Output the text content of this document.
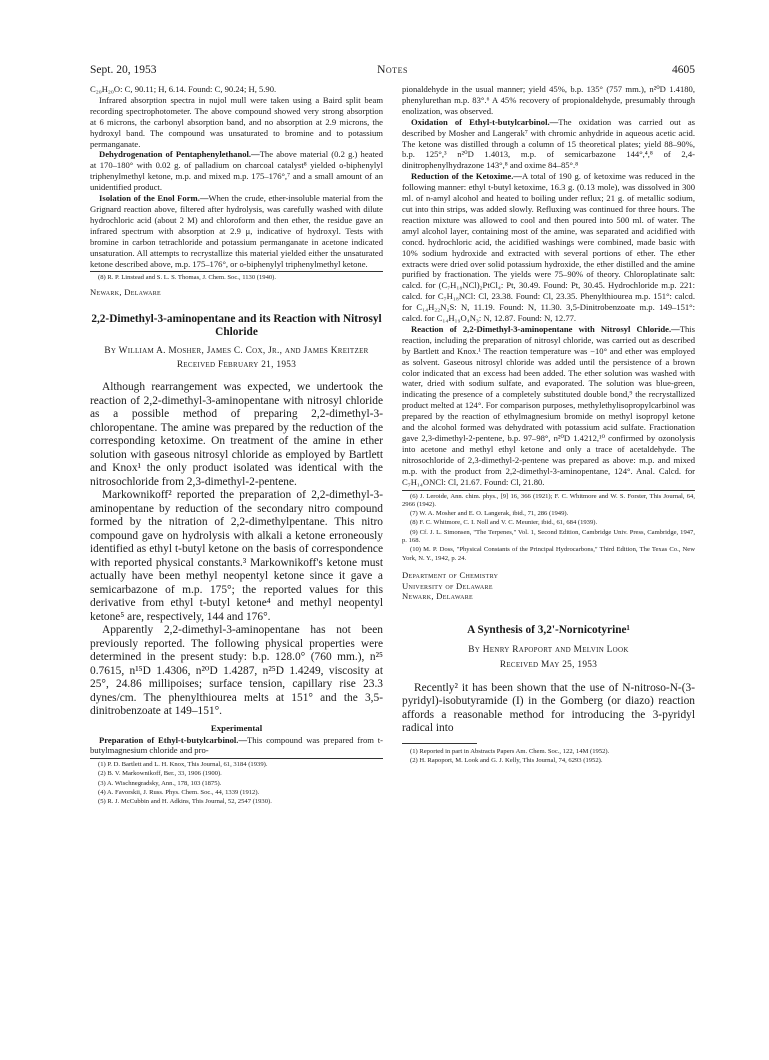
Sept. 20, 1953	Notes	4605

C₂₀H₂₀O: C, 90.11; H, 6.14. Found: C, 90.24; H, 5.90.

Infrared absorption spectra in nujol mull were taken using a Baird split beam recording spectrophotometer. The above compound showed very strong absorption at 6 microns, the carbonyl absorption band, and no absorption at 2.9 microns, the hydroxyl band. The compound was unsaturated to bromine and to potassium permanganate.

Dehydrogenation of Pentaphenylethanol.—The above material (0.2 g.) heated at 170–180° with 0.02 g. of palladium on charcoal catalyst⁸ yielded o-biphenylyl triphenylmethyl ketone, m.p. and mixed m.p. 175–176°,⁷ and a small amount of an unidentified product.

Isolation of the Enol Form.—When the crude, ether-insoluble material from the Grignard reaction above, filtered after hydrolysis, was carefully washed with dilute hydrochloric acid (about 2 M) and chloroform and then ether, the residue gave an infrared spectrum with absorption at 2.9 μ, indicative of hydroxyl. Tests with bromine in carbon tetrachloride and potassium permanganate in acetone indicated unsaturation. All attempts to recrystallize this material yielded either the unsaturated ketone described above, m.p. 175–176°, or o-biphenylyl triphenylmethyl ketone.

(8) R. P. Linstead and S. L. S. Thomas, J. Chem. Soc., 1130 (1940).

Newark, Delaware

2,2-Dimethyl-3-aminopentane and its Reaction with Nitrosyl Chloride

By William A. Mosher, James C. Cox, Jr., and James Kreitzer

Received February 21, 1953

Although rearrangement was expected, we undertook the reaction of 2,2-dimethyl-3-aminopentane with nitrosyl chloride as a possible method of preparing 2,2-dimethyl-3-chloropentane. The amine was prepared by the reduction of the corresponding ketoxime. On treatment of the amine in ether solution with gaseous nitrosyl chloride as employed by Bartlett and Knox¹ the only product isolated was identical with the nitrosochloride from 2,3-dimethyl-2-pentene.

Markownikoff² reported the preparation of 2,2-dimethyl-3-aminopentane by reduction of the secondary nitro compound formed by the nitration of 2,2-dimethylpentane. This nitro compound gave on hydrolysis with alkali a ketone erroneously identified as ethyl t-butyl ketone on the basis of correspondence with reported physical constants.³ Markownikoff's ketone must actually have been methyl neopentyl ketone since it gave a semicarbazone of m.p. 175°; the reported values for this derivative from ethyl t-butyl ketone⁴ and methyl neopentyl ketone⁵ are, respectively, 144 and 176°.

Apparently 2,2-dimethyl-3-aminopentane has not been previously reported. The following physical properties were determined in the present study: b.p. 128.0° (760 mm.), n²⁵ 0.7615, n¹⁵D 1.4306, n²⁰D 1.4287, n²⁵D 1.4249, viscosity at 25°, 24.86 millipoises; surface tension, capillary rise 23.3 dynes/cm. The phenylthiourea melts at 151° and the 3,5-dinitrobenzoate at 149–151°.

Experimental

Preparation of Ethyl-t-butylcarbinol.—This compound was prepared from t-butylmagnesium chloride and pro-

(1) P. D. Bartlett and L. H. Knox, This Journal, 61, 3184 (1939).

(2) B. V. Markownikoff, Ber., 33, 1906 (1900).

(3) A. Wischnegradsky, Ann., 178, 103 (1875).

(4) A. Favorskii, J. Russ. Phys. Chem. Soc., 44, 1339 (1912).

(5) R. J. McCubbin and H. Adkins, This Journal, 52, 2547 (1930).

pionaldehyde in the usual manner; yield 45%, b.p. 135° (757 mm.), n²⁰D 1.4180, phenylurethan m.p. 83°.⁶ A 45% recovery of propionaldehyde, presumably through enolization, was observed.

Oxidation of Ethyl-t-butylcarbinol.—The oxidation was carried out as described by Mosher and Langerak⁷ with chromic anhydride in aqueous acetic acid. The ketone was distilled through a column of 15 theoretical plates; yield 88–90%, b.p. 125°,³ n²⁰D 1.4013, m.p. of semicarbazone 144°,⁴,⁸ of 2,4-dinitrophenylhydrazone 143°,⁸ and oxime 84–85°.⁸

Reduction of the Ketoxime.—A total of 190 g. of ketoxime was reduced in the following manner: ethyl t-butyl ketoxime, 16.3 g. (0.13 mole), was dissolved in 300 ml. of n-amyl alcohol and heated to boiling under reflux; 21 g. of metallic sodium, cut into thin strips, was added slowly. Refluxing was continued for three hours. The reaction mixture was allowed to cool and then poured into 500 ml. of water. The amyl alcohol layer, containing most of the amine, was separated and acidified with concd. hydrochloric acid, the acidified washings were combined, made basic with 10% sodium hydroxide and extracted with several portions of ether. The ether extracts were dried over solid potassium hydroxide, the ether distilled and the amine purified by fractionation. The yields were 75–90% of theory. Chloroplatinate salt: calcd. for (C₇H₁₈NCl)₂PtCl₄: Pt, 30.49. Found: Pt, 30.45. Hydrochloride m.p. 221: calcd. for C₇H₁₈NCl: Cl, 23.38. Found: Cl, 23.35. Phenylthiourea m.p. 151°: calcd. for C₁₄H₂₂N₂S: N, 11.19. Found: N, 11.30. 3,5-Dinitrobenzoate m.p. 149–151°: calcd. for C₁₄H₁₉O₄N₃: N, 12.87. Found: N, 12.77.

Reaction of 2,2-Dimethyl-3-aminopentane with Nitrosyl Chloride.—This reaction, including the preparation of nitrosyl chloride, was carried out as described by Bartlett and Knox.¹ The reaction temperature was −10° and ether was employed as solvent. Gaseous nitrosyl chloride was added until the persistence of a brown color indicated that an excess had been added. The ether solution was washed with water, dried with sodium sulfate, and evaporated. The solution was blue-green, indicating the presence of a completely substituted double bond,⁹ the recrystallized product melted at 124°. For comparison purposes, methylethylisopropylcarbinol was prepared by the reaction of ethylmagnesium bromide on methyl isopropyl ketone and the alcohol formed was dehydrated with potassium acid sulfate. Fractionation gave 2,3-dimethyl-2-pentene, b.p. 97–98°, n²⁰D 1.4212,¹⁰ confirmed by ozonolysis into acetone and methyl ethyl ketone and only a trace of acetaldehyde. The nitrosochloride of 2,3-dimethyl-2-pentene was prepared as above: m.p. and mixed m.p. with the product from 2,2-dimethyl-3-aminopentane, 124°. Anal. Calcd. for C₇H₁₄ONCl: Cl, 21.67. Found: Cl, 21.80.

(6) J. Leroide, Ann. chim. phys., [9] 16, 366 (1921); F. C. Whitmore and W. S. Forster, This Journal, 64, 2966 (1942).

(7) W. A. Mosher and E. O. Langerak, ibid., 71, 286 (1949).

(8) F. C. Whitmore, C. I. Noll and V. C. Meunier, ibid., 61, 684 (1939).

(9) Cf. J. L. Simonsen, "The Terpenes," Vol. 1, Second Edition, Cambridge Univ. Press, Cambridge, 1947, p. 168.

(10) M. P. Doss, "Physical Constants of the Principal Hydrocarbons," Third Edition, The Texas Co., New York, N. Y., 1942, p. 24.

Department of Chemistry
University of Delaware
Newark, Delaware

A Synthesis of 3,2'-Nornicotyrine¹

By Henry Rapoport and Melvin Look

Received May 25, 1953

Recently² it has been shown that the use of N-nitroso-N-(3-pyridyl)-isobutyramide (I) in the Gomberg (or diazo) reaction affords a reasonable method for introducing the 3-pyridyl radical into

(1) Reported in part in Abstracts Papers Am. Chem. Soc., 122, 14M (1952).

(2) H. Rapoport, M. Look and G. J. Kelly, This Journal, 74, 6293 (1952).
